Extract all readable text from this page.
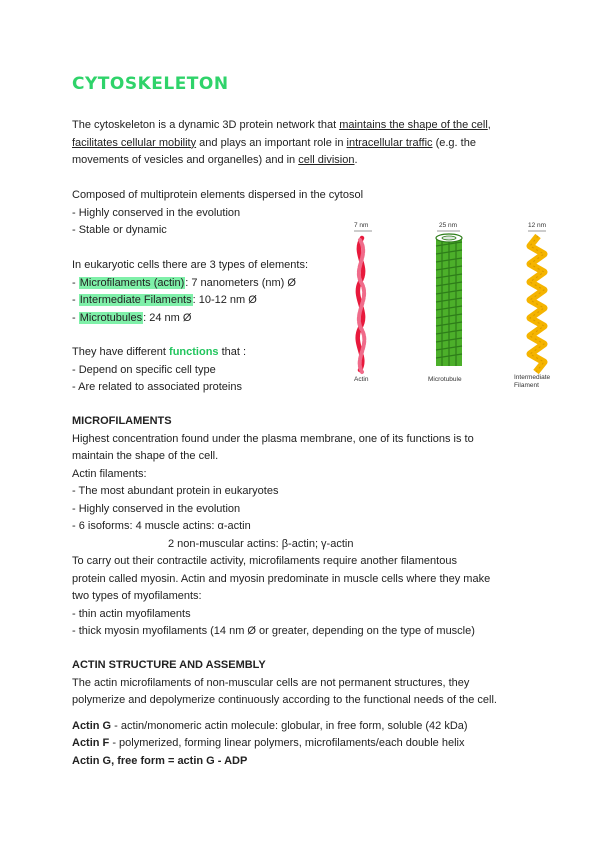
CYTOSKELETON
The cytoskeleton is a dynamic 3D protein network that maintains the shape of the cell, facilitates cellular mobility and plays an important role in intracellular traffic (e.g. the movements of vesicles and organelles) and in cell division.
Composed of multiprotein elements dispersed in the cytosol
- Highly conserved in the evolution
- Stable or dynamic
In eukaryotic cells there are 3 types of elements:
- Microfilaments (actin): 7 nanometers (nm) Ø
- Intermediate Filaments: 10-12 nm Ø
- Microtubules: 24 nm Ø
They have different functions that :
- Depend on specific cell type
- Are related to associated proteins
7 nm	25 nm	12 nm
Actin	Microtubule	Intermediate
Filament
MICROFILAMENTS
Highest concentration found under the plasma membrane, one of its functions is to
maintain the shape of the cell.
Actin filaments:
- The most abundant protein in eukaryotes
- Highly conserved in the evolution
- 6 isoforms: 4 muscle actins: α-actin
2 non-muscular actins: β-actin; γ-actin
To carry out their contractile activity, microfilaments require another filamentous
protein called myosin. Actin and myosin predominate in muscle cells where they make
two types of myofilaments:
- thin actin myofilaments
- thick myosin myofilaments (14 nm Ø or greater, depending on the type of muscle)
ACTIN STRUCTURE AND ASSEMBLY
The actin microfilaments of non-muscular cells are not permanent structures, they
polymerize and depolymerize continuously according to the functional needs of the cell.
Actin G - actin/monomeric actin molecule: globular, in free form, soluble (42 kDa)
Actin F - polymerized, forming linear polymers, microfilaments/each double helix
Actin G, free form = actin G - ADP
